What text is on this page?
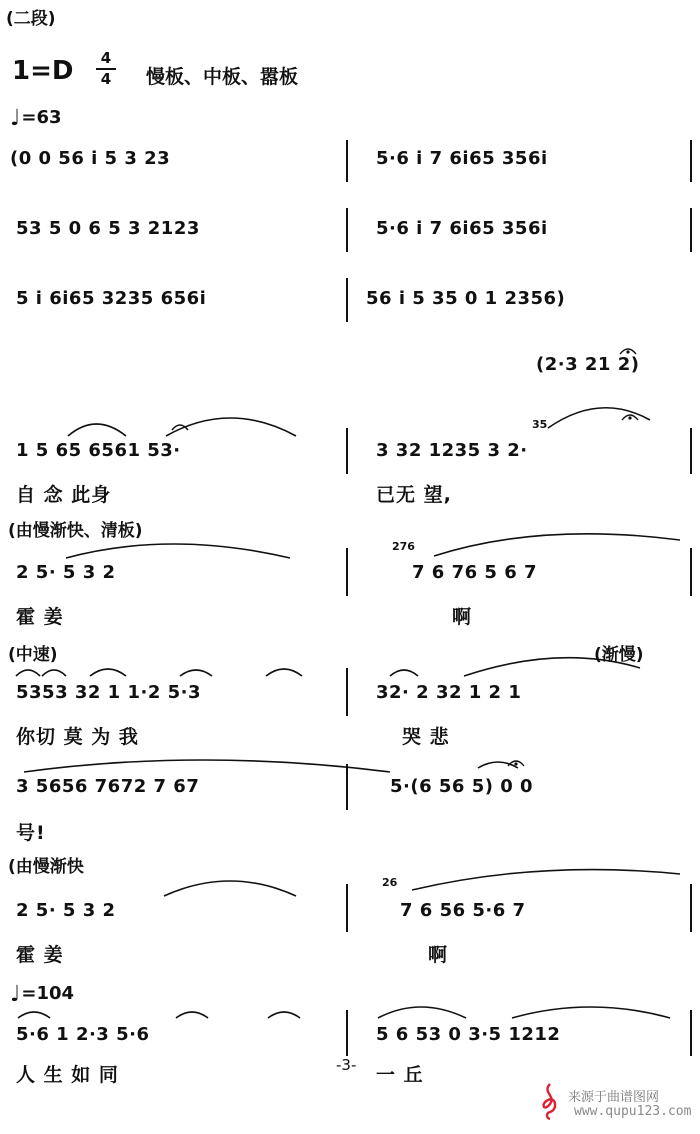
(二段)
1=D	4
4 慢板、中板、嚣板
♩=63
(0 0 56 i 5 3 23	5·6 i 7 6i65 356i
53 5 0 6 5 3 2123	5·6 i 7 6i65 356i
5 i 6i65 3235 656i	56 i 5 35 0 1 2356)
(2·3 21 2)
1 5 65 6561 53·
35
3 32 1235 3 2·
自 念 此身	已无 望,
(由慢渐快、清板)
2 5· 5 3 2
276
7 6 76 5 6 7
霍 姜	啊
(中速)	(渐慢)
5353 32 1 1·2 5·3	32· 2 32 1 2 1
你切 莫 为 我	哭 悲
3 5656 7672 7 67	5·(6 56 5) 0 0
号!
(由慢渐快
2 5· 5 3 2
26
7 6 56 5·6 7
霍 姜	啊
♩=104
5·6 1 2·3 5·6	5 6 53 0 3·5 1212
人 生 如 同	一 丘
-3-
来源于曲谱图网
www.qupu123.com
